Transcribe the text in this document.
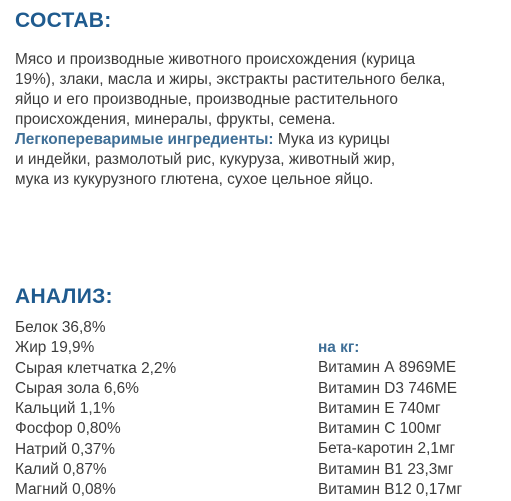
СОСТАВ:
Мясо и производные животного происхождения (курица
19%), злаки, масла и жиры, экстракты растительного белка,
яйцо и его производные, производные растительного
происхождения, минералы, фрукты, семена.
Легкопереваримые ингредиенты: Мука из курицы
и индейки, размолотый рис, кукуруза, животный жир,
мука из кукурузного глютена, сухое цельное яйцо.
АНАЛИЗ:
Белок 36,8%
Жир 19,9%
Сырая клетчатка 2,2%
Сырая зола 6,6%
Кальций 1,1%
Фосфор 0,80%
Натрий 0,37%
Калий 0,87%
Магний 0,08%
на кг:
Витамин А 8969МЕ
Витамин D3 746МЕ
Витамин Е 740мг
Витамин С 100мг
Бета-каротин 2,1мг
Витамин В1 23,3мг
Витамин В12 0,17мг
